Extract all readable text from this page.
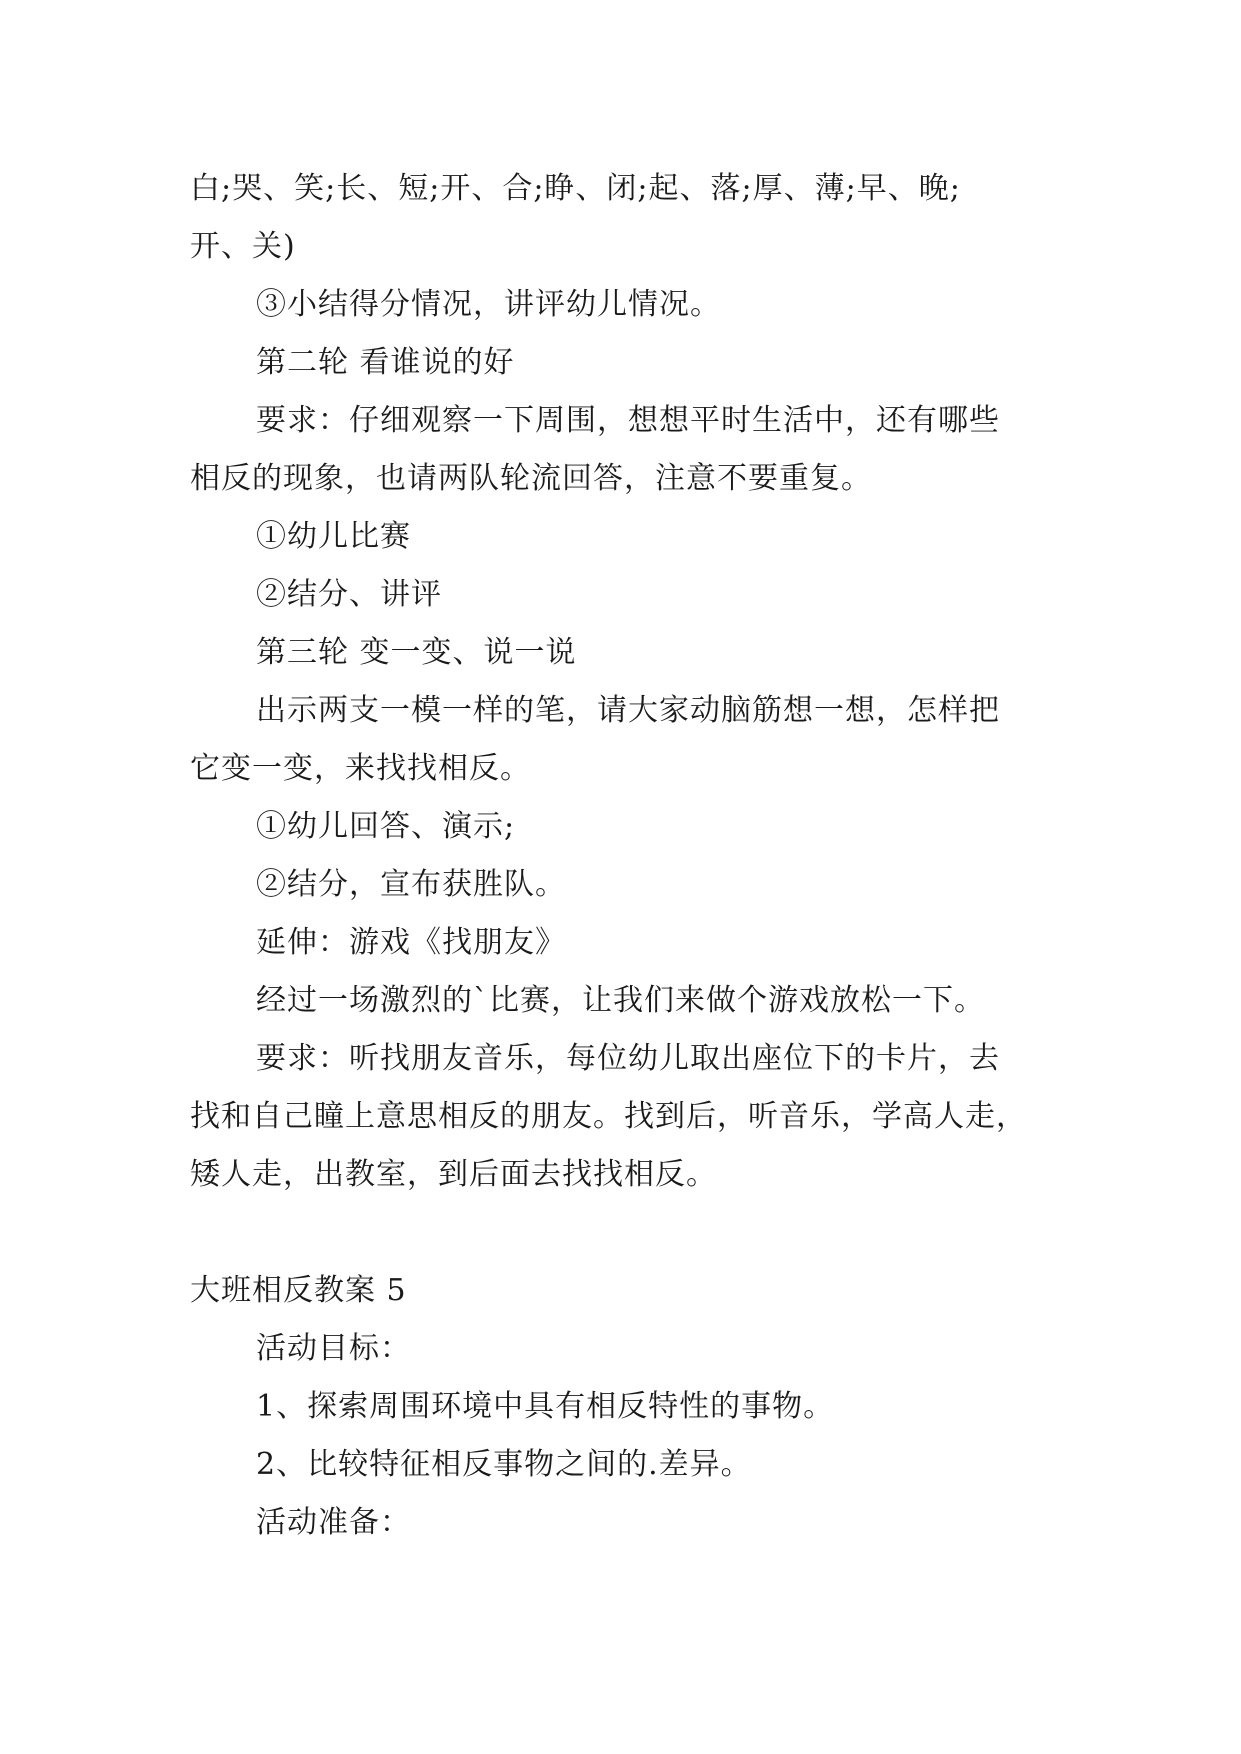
白;哭、笑;长、短;开、合;睁、闭;起、落;厚、薄;早、晚;

开、关)

③小结得分情况，讲评幼儿情况。

第二轮 看谁说的好

要求：仔细观察一下周围，想想平时生活中，还有哪些

相反的现象，也请两队轮流回答，注意不要重复。

①幼儿比赛

②结分、讲评

第三轮 变一变、说一说

出示两支一模一样的笔，请大家动脑筋想一想，怎样把

它变一变，来找找相反。

①幼儿回答、演示;

②结分，宣布获胜队。

延伸：游戏《找朋友》

经过一场激烈的`比赛，让我们来做个游戏放松一下。

要求：听找朋友音乐，每位幼儿取出座位下的卡片，去

找和自己瞳上意思相反的朋友。找到后，听音乐，学高人走，

矮人走，出教室，到后面去找找相反。

大班相反教案 5

活动目标：

1、探索周围环境中具有相反特性的事物。

2、比较特征相反事物之间的.差异。

活动准备：
